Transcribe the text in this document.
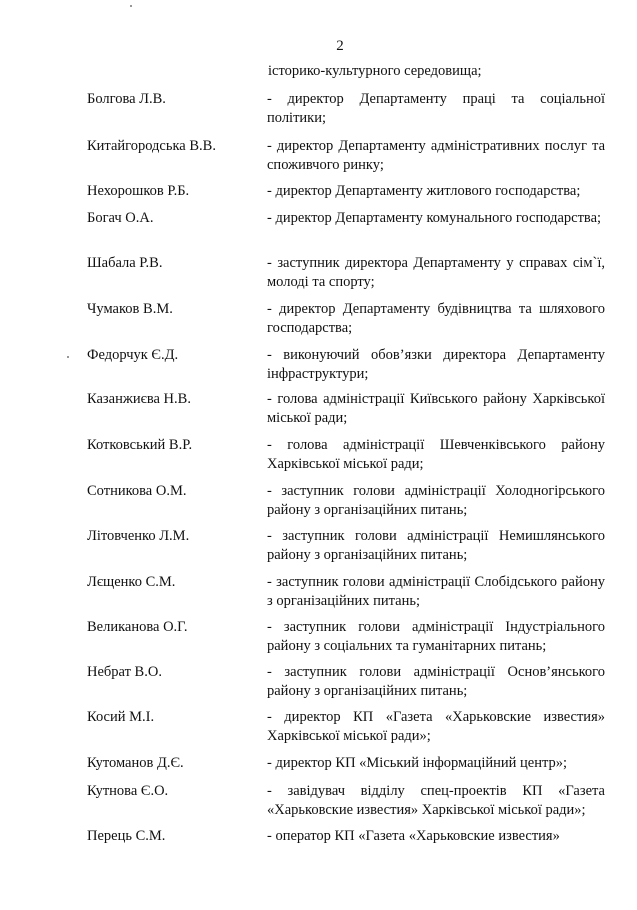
2
історико-культурного середовища;
Болгова Л.В.	- директор Департаменту праці та соціальної політики;
Китайгородська В.В.	- директор Департаменту адміністративних послуг та споживчого ринку;
Нехорошков Р.Б.	- директор Департаменту житлового господарства;
Богач О.А.	- директор Департаменту комунального господарства;
Шабала Р.В.	- заступник директора Департаменту у справах сім`ї, молоді та спорту;
Чумаков В.М.	- директор Департаменту будівництва та шляхового господарства;
Федорчук Є.Д.	- виконуючий обов’язки директора Департаменту інфраструктури;
Казанжиєва Н.В.	- голова адміністрації Київського району Харківської міської ради;
Котковський В.Р.	- голова адміністрації Шевченківського району Харківської міської ради;
Сотникова О.М.	- заступник голови адміністрації Холодногірського району з організаційних питань;
Літовченко Л.М.	- заступник голови адміністрації Немишлянського району з організаційних питань;
Лєщенко С.М.	- заступник голови адміністрації Слобідського району з організаційних питань;
Великанова О.Г.	- заступник голови адміністрації Індустріального району з соціальних та гуманітарних питань;
Небрат В.О.	- заступник голови адміністрації Основ’янського району з організаційних питань;
Косий М.І.	- директор КП «Газета «Харьковские известия» Харківської міської ради»;
Кутоманов Д.Є.	- директор КП «Міський інформаційний центр»;
Кутнова Є.О.	- завідувач відділу спец-проектів КП «Газета «Харьковские известия» Харківської міської ради»;
Перець С.М.	- оператор КП «Газета «Харьковские известия»
